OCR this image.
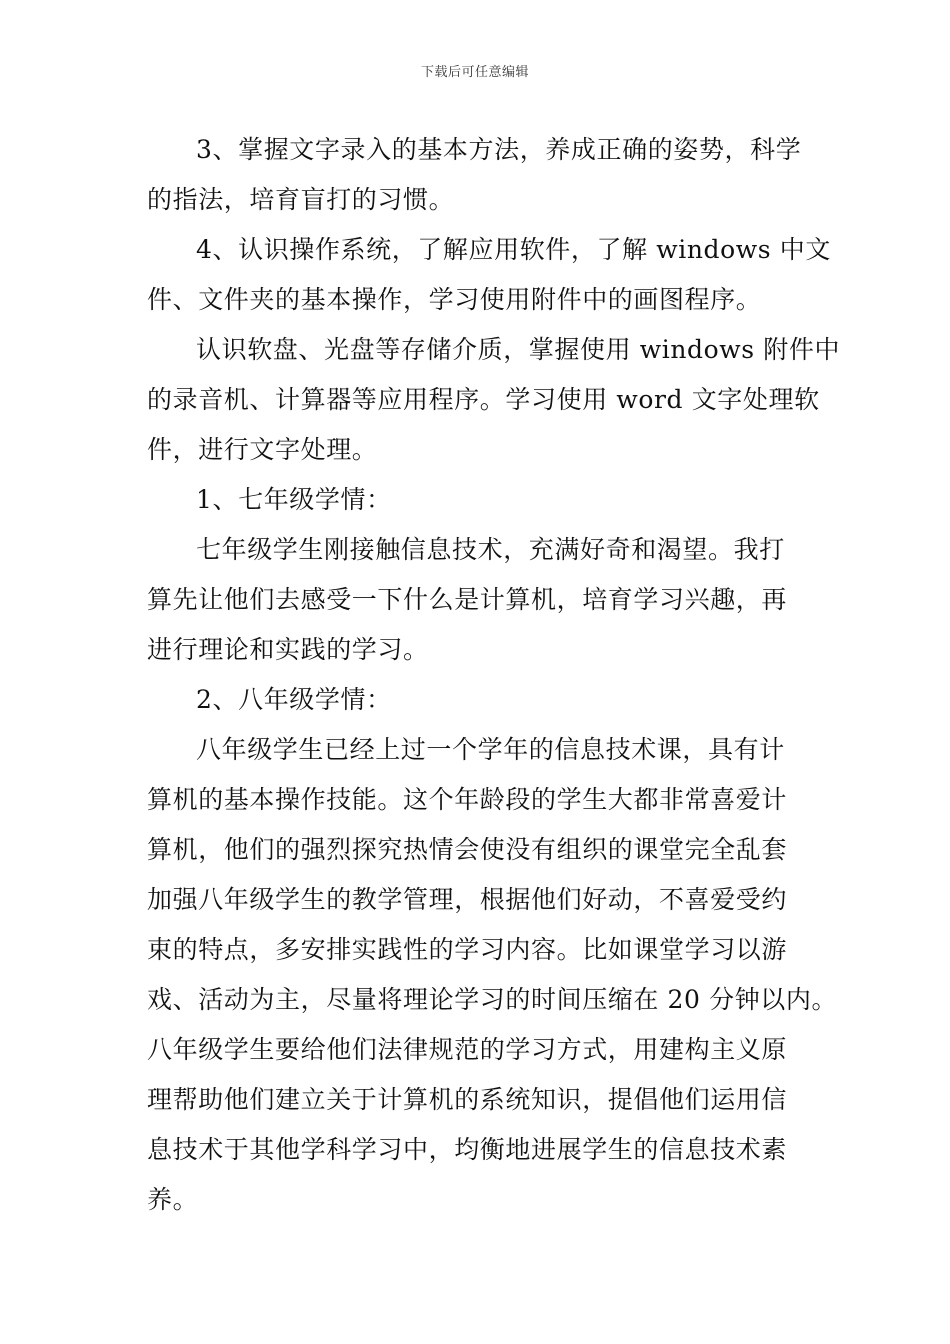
下载后可任意编辑
3、掌握文字录入的基本方法，养成正确的姿势，科学
的指法，培育盲打的习惯。
4、认识操作系统，了解应用软件，了解 windows 中文
件、文件夹的基本操作，学习使用附件中的画图程序。
认识软盘、光盘等存储介质，掌握使用 windows 附件中
的录音机、计算器等应用程序。学习使用 word 文字处理软
件，进行文字处理。
1、七年级学情：
七年级学生刚接触信息技术，充满好奇和渴望。我打
算先让他们去感受一下什么是计算机，培育学习兴趣，再
进行理论和实践的学习。
2、八年级学情：
八年级学生已经上过一个学年的信息技术课，具有计
算机的基本操作技能。这个年龄段的学生大都非常喜爱计
算机，他们的强烈探究热情会使没有组织的课堂完全乱套
加强八年级学生的教学管理，根据他们好动，不喜爱受约
束的特点，多安排实践性的学习内容。比如课堂学习以游
戏、活动为主，尽量将理论学习的时间压缩在 20 分钟以内。
八年级学生要给他们法律规范的学习方式，用建构主义原
理帮助他们建立关于计算机的系统知识，提倡他们运用信
息技术于其他学科学习中，均衡地进展学生的信息技术素
养。
